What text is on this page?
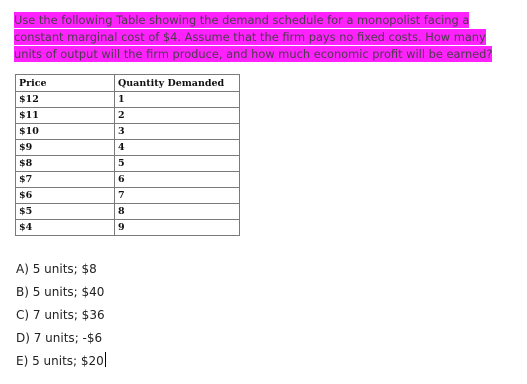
Use the following Table showing the demand schedule for a monopolist facing a constant marginal cost of $4. Assume that the firm pays no fixed costs. How many units of output will the firm produce, and how much economic profit will be earned?

Price	Quantity Demanded
$12	1
$11	2
$10	3
$9	4
$8	5
$7	6
$6	7
$5	8
$4	9
A) 5 units; $8
B) 5 units; $40
C) 7 units; $36
D) 7 units; -$6
E) 5 units; $20
